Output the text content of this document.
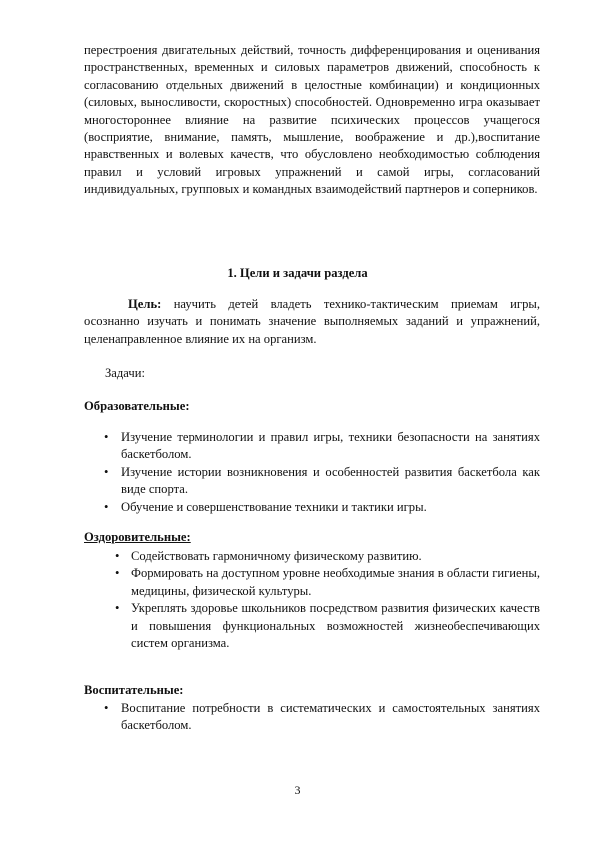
перестроения двигательных действий, точность дифференцирования и оценивания пространственных, временных и силовых параметров движений, способность к согласованию отдельных движений в целостные комбинации) и кондиционных (силовых, выносливости, скоростных) способностей. Одновременно игра оказывает многостороннее влияние на развитие психических процессов учащегося (восприятие, внимание, память, мышление, воображение и др.),воспитание нравственных и волевых качеств, что обусловлено необходимостью соблюдения правил и условий игровых упражнений и самой игры, согласований индивидуальных, групповых и командных взаимодействий партнеров и соперников.

1. Цели и задачи раздела

Цель: научить детей владеть технико-тактическим приемам игры, осознанно изучать и понимать значение выполняемых заданий и упражнений, целенаправленное влияние их на организм.

Задачи:

Образовательные:

• Изучение терминологии и правил игры, техники безопасности на занятиях баскетболом.
• Изучение истории возникновения и особенностей развития баскетбола как виде спорта.
• Обучение и совершенствование техники и тактики игры.

Оздоровительные:

• Содействовать гармоничному физическому развитию.
• Формировать на доступном уровне необходимые знания в области гигиены, медицины, физической культуры.
• Укреплять здоровье школьников посредством развития физических качеств и повышения функциональных возможностей жизнеобеспечивающих систем организма.

Воспитательные:

• Воспитание потребности в систематических и самостоятельных занятиях баскетболом.
3
